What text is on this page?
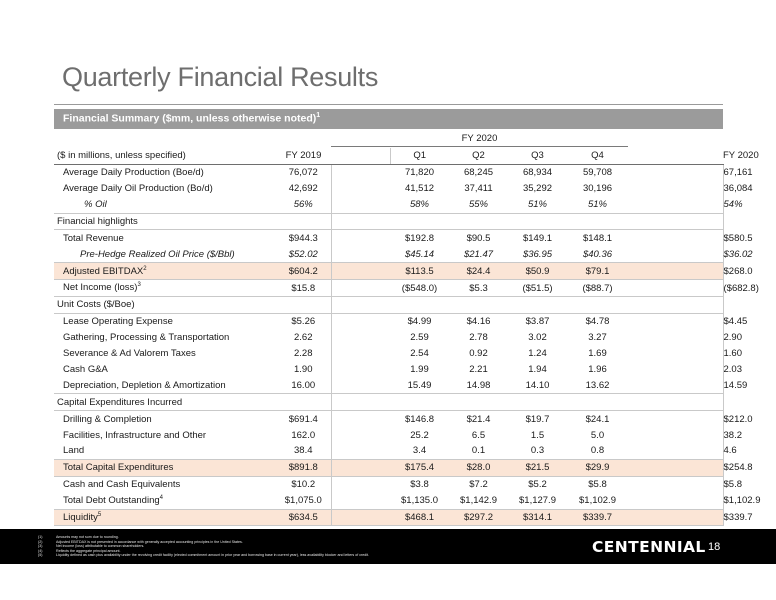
Quarterly Financial Results
Financial Summary ($mm, unless otherwise noted)$^1$
FY 2020
($ in millions, unless specified)	FY 2019		Q1	Q2	Q3	Q4		FY 2020
Average Daily Production (Boe/d)	76,072		71,820	68,245	68,934	59,708		67,161
Average Daily Oil Production (Bo/d)	42,692		41,512	37,411	35,292	30,196		36,084
% Oil	56%		58%	55%	51%	51%		54%
Financial highlights								
Total Revenue	$944.3		$192.8	$90.5	$149.1	$148.1		$580.5
Pre-Hedge Realized Oil Price ($/Bbl)	$52.02		$45.14	$21.47	$36.95	$40.36		$36.02
Adjusted EBITDAX$^2$	$604.2		$113.5	$24.4	$50.9	$79.1		$268.0
Net Income (loss)$^3$	$15.8		($548.0)	$5.3	($51.5)	($88.7)		($682.8)
Unit Costs ($/Boe)								
Lease Operating Expense	$5.26		$4.99	$4.16	$3.87	$4.78		$4.45
Gathering, Processing & Transportation	2.62		2.59	2.78	3.02	3.27		2.90
Severance & Ad Valorem Taxes	2.28		2.54	0.92	1.24	1.69		1.60
Cash G&A	1.90		1.99	2.21	1.94	1.96		2.03
Depreciation, Depletion & Amortization	16.00		15.49	14.98	14.10	13.62		14.59
Capital Expenditures Incurred								
Drilling & Completion	$691.4		$146.8	$21.4	$19.7	$24.1		$212.0
Facilities, Infrastructure and Other	162.0		25.2	6.5	1.5	5.0		38.2
Land	38.4		3.4	0.1	0.3	0.8		4.6
Total Capital Expenditures	$891.8		$175.4	$28.0	$21.5	$29.9		$254.8
Cash and Cash Equivalents	$10.2		$3.8	$7.2	$5.2	$5.8		$5.8
Total Debt Outstanding$^4$	$1,075.0		$1,135.0	$1,142.9	$1,127.9	$1,102.9		$1,102.9
Liquidity$^5$	$634.5		$468.1	$297.2	$314.1	$339.7		$339.7
(1)	Amounts may not sum due to rounding.
(2)	Adjusted EBITDAX is not presented in accordance with generally accepted accounting principles in the United States.
(3)	Net income (loss) attributable to common shareholders.
(4)	Reflects the aggregate principal amount.
(5)	Liquidity defined as cash plus availability under the revolving credit facility (elected commitment amount in prior year and borrowing base in current year), less availability blocker and letters of credit.	CENTENNIAL 18
